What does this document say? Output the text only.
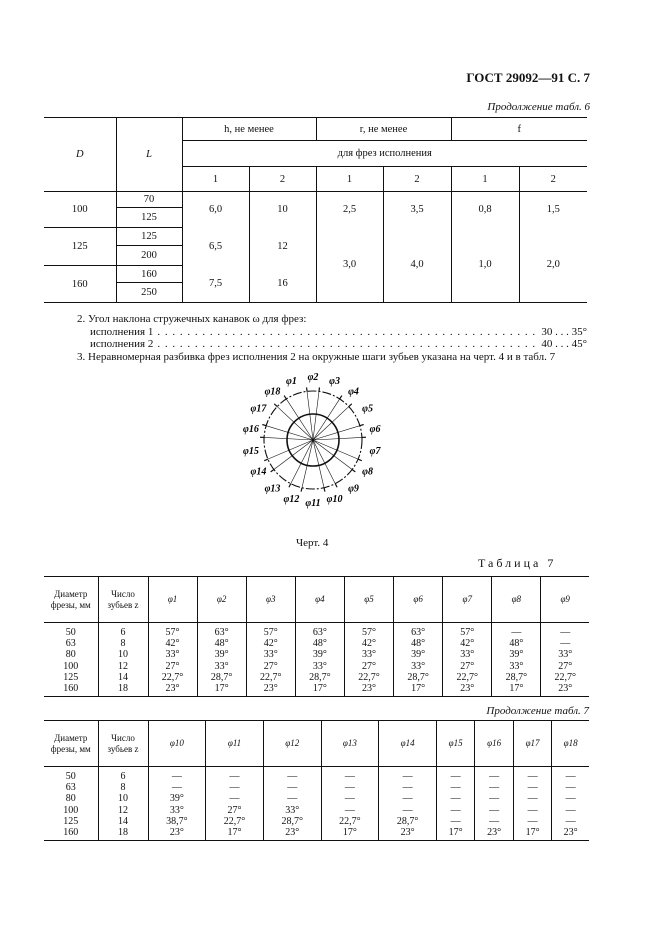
ГОСТ 29092—91 С. 7
Продолжение табл. 6
D	L	h, не менее		r, не менее		f	
		для фрез исполнения					
		1	2	1	2	1	2
100	70	6,0	10	2,5	3,5	0,8	1,5
	125						
125	125	6,5	12	3,0	4,0	1,0	2,0
	200						
160	160	7,5	16				
	250						
2. Угол наклона стружечных канавок ω для фрез:
исполнения 1 . . . . . . . . . . . . . . . . . . . . . . . . . . . . . . . . . . . . . . . . . . . . . . . . . . . 30 . . . 35°
исполнения 2 . . . . . . . . . . . . . . . . . . . . . . . . . . . . . . . . . . . . . . . . . . . . . . . . . . . 40 . . . 45°
3. Неравномерная разбивка фрез исполнения 2 на окружные шаги зубьев указана на черт. 4 и в табл. 7
φ1 φ2 φ3
φ4
φ5
φ6
φ7
φ8
φ9
φ10
φ11
φ12
φ13
φ14
φ15
φ16
φ17
φ18
Черт. 4
Таблица 7
Диаметр фрезы, мм	Число зубьев z	φ1	φ2	φ3	φ4	φ5	φ6	φ7	φ8	φ9
50	6	57°	63°	57°	63°	57°	63°	57°	—	—
63	8	42°	48°	42°	48°	42°	48°	42°	48°	—
80	10	33°	39°	33°	39°	33°	39°	33°	39°	33°
100	12	27°	33°	27°	33°	27°	33°	27°	33°	27°
125	14	22,7°	28,7°	22,7°	28,7°	22,7°	28,7°	22,7°	28,7°	22,7°
160	18	23°	17°	23°	17°	23°	17°	23°	17°	23°
Продолжение табл. 7
Диаметр фрезы, мм	Число зубьев z	φ10	φ11	φ12	φ13	φ14	φ15	φ16	φ17	φ18
50	6	—	—	—	—	—	—	—	—	—
63	8	—	—	—	—	—	—	—	—	—
80	10	39°	—	—	—	—	—	—	—	—
100	12	33°	27°	33°	—	—	—	—	—	—
125	14	38,7°	22,7°	28,7°	22,7°	28,7°	—	—	—	—
160	18	23°	17°	23°	17°	23°	17°	23°	17°	23°
